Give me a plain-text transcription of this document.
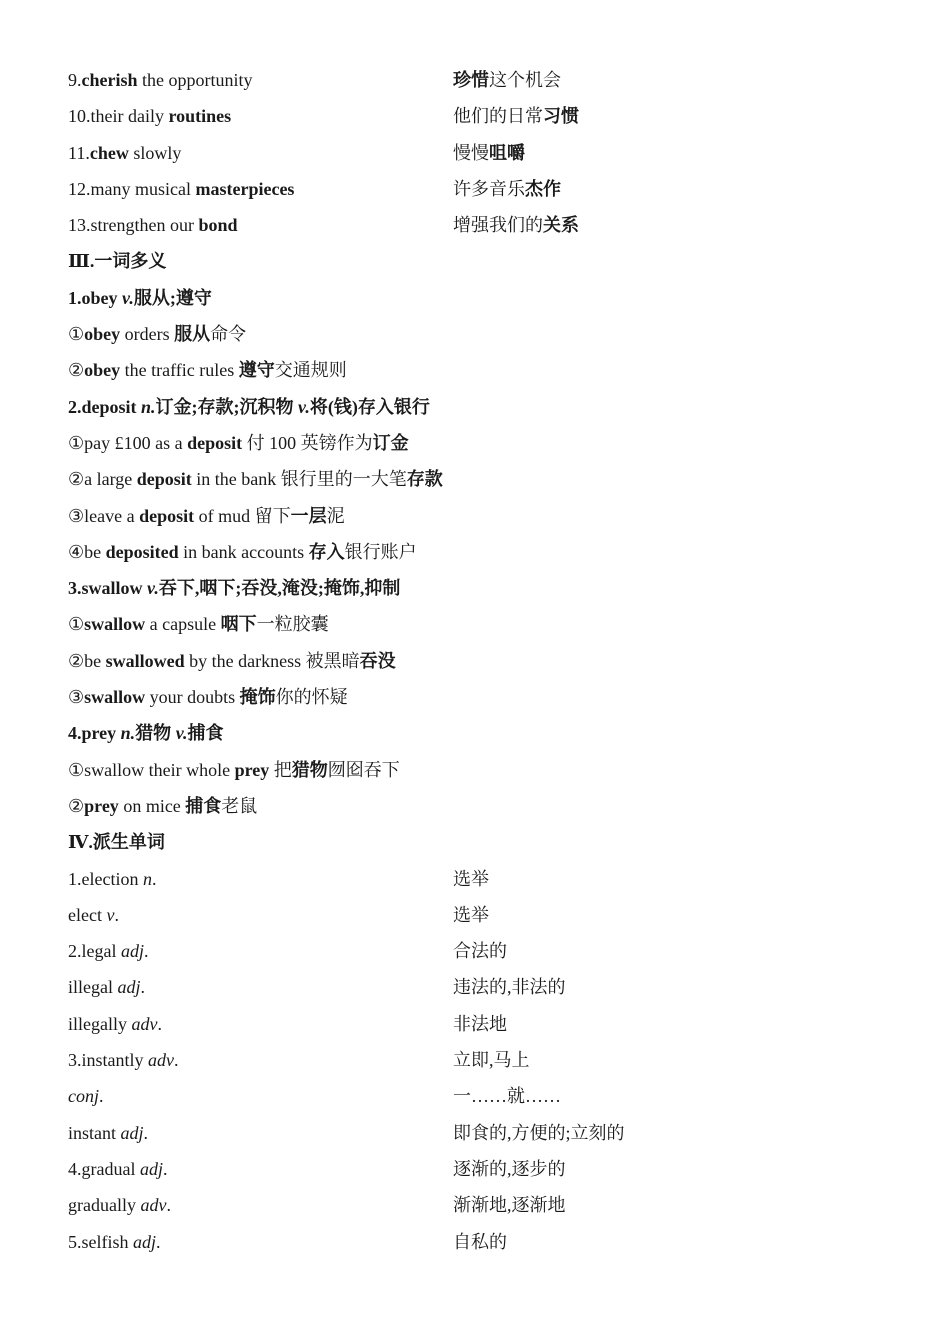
9.cherish the opportunity	珍惜这个机会
10.their daily routines	他们的日常习惯
11.chew slowly	慢慢咀嚼
12.many musical masterpieces	许多音乐杰作
13.strengthen our bond	增强我们的关系
Ⅲ.一词多义
1.obey v.服从;遵守
①obey orders 服从命令
②obey the traffic rules 遵守交通规则
2.deposit n.订金;存款;沉积物 v.将(钱)存入银行
①pay £100 as a deposit 付 100 英镑作为订金
②a large deposit in the bank 银行里的一大笔存款
③leave a deposit of mud 留下一层泥
④be deposited in bank accounts 存入银行账户
3.swallow v.吞下,咽下;吞没,淹没;掩饰,抑制
①swallow a capsule 咽下一粒胶囊
②be swallowed by the darkness 被黑暗吞没
③swallow your doubts 掩饰你的怀疑
4.prey n.猎物 v.捕食
①swallow their whole prey 把猎物囫囵吞下
②prey on mice 捕食老鼠
Ⅳ.派生单词
1.election n.	选举
elect v.	选举
2.legal adj.	合法的
illegal adj.	违法的,非法的
illegally adv.	非法地
3.instantly adv.	立即,马上
conj.	一……就……
instant adj.	即食的,方便的;立刻的
4.gradual adj.	逐渐的,逐步的
gradually adv.	渐渐地,逐渐地
5.selfish adj.	自私的
